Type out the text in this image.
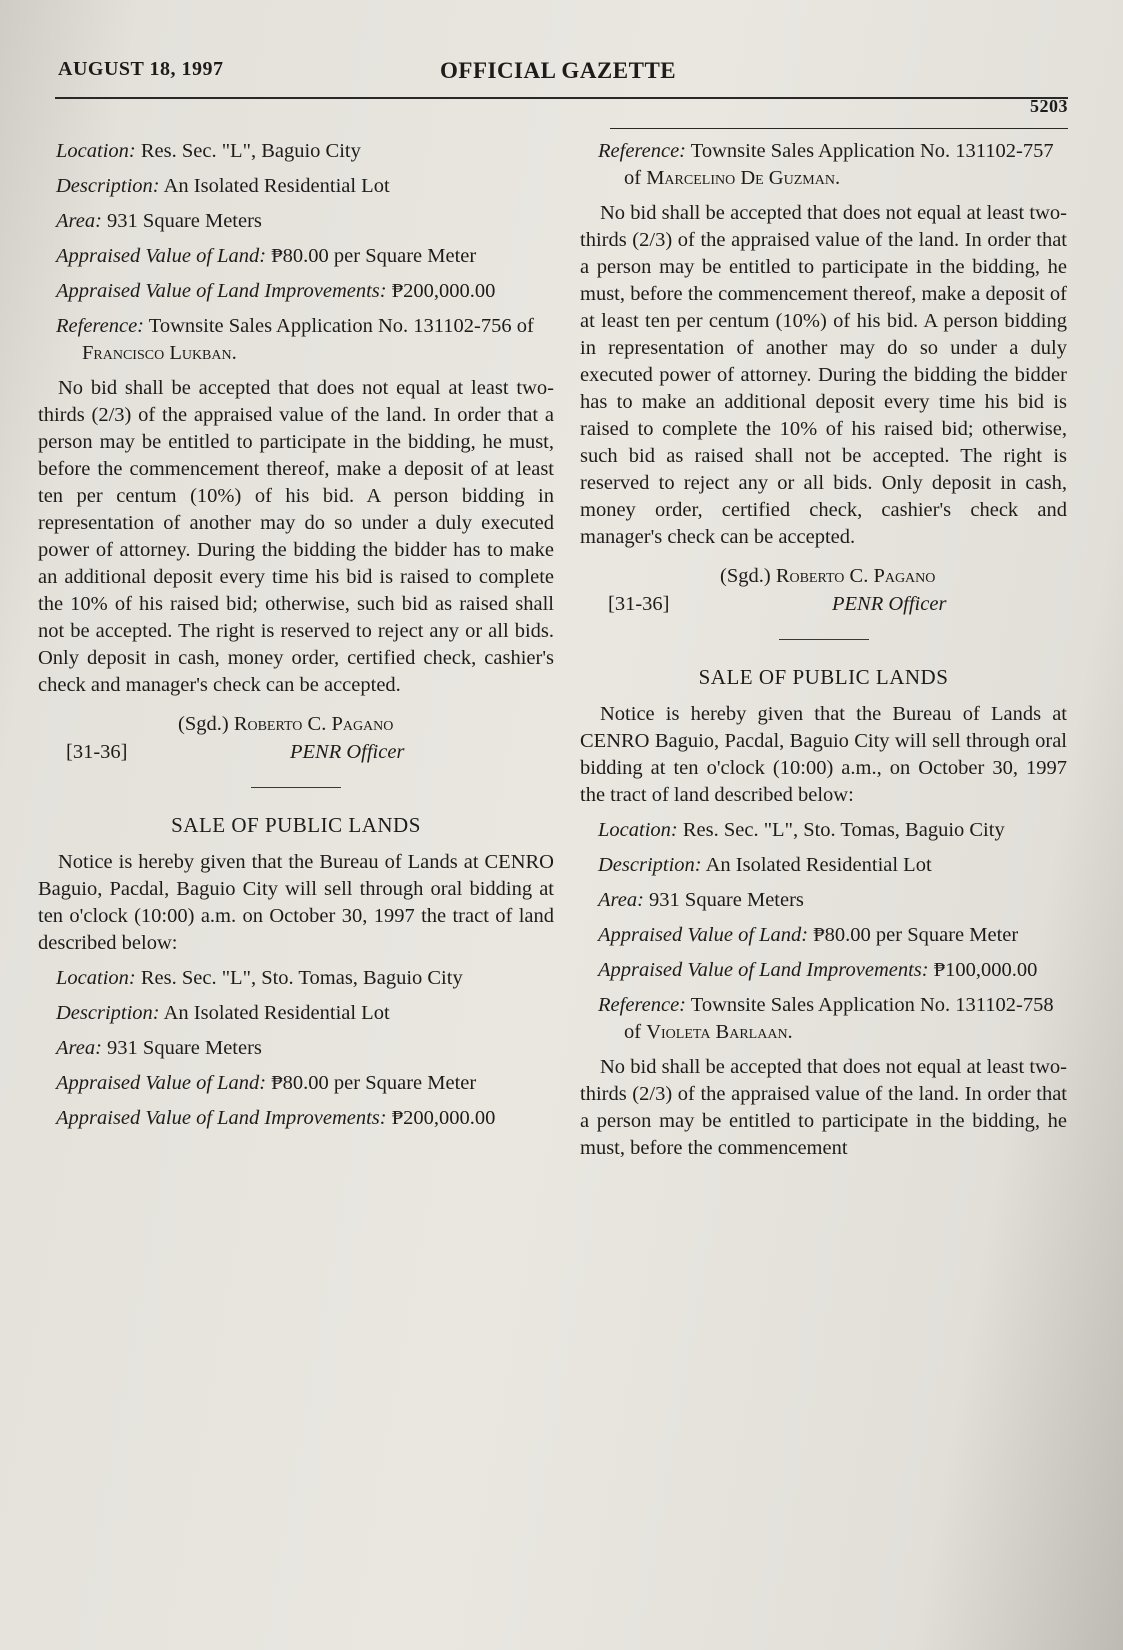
AUGUST 18, 1997	OFFICIAL GAZETTE
5203

Location: Res. Sec. "L", Baguio City

Description: An Isolated Residential Lot

Area: 931 Square Meters

Appraised Value of Land: ₱80.00 per Square Meter

Appraised Value of Land Improvements: ₱200,000.00

Reference: Townsite Sales Application No. 131102-756 of Francisco Lukban.

No bid shall be accepted that does not equal at least two-thirds (2/3) of the appraised value of the land. In order that a person may be entitled to participate in the bidding, he must, before the commencement thereof, make a deposit of at least ten per centum (10%) of his bid. A person bidding in representation of another may do so under a duly executed power of attorney. During the bidding the bidder has to make an additional deposit every time his bid is raised to complete the 10% of his raised bid; otherwise, such bid as raised shall not be accepted. The right is reserved to reject any or all bids. Only deposit in cash, money order, certified check, cashier's check and manager's check can be accepted.

(Sgd.) Roberto C. Pagano
[31-36]	PENR Officer
SALE OF PUBLIC LANDS

Notice is hereby given that the Bureau of Lands at CENRO Baguio, Pacdal, Baguio City will sell through oral bidding at ten o'clock (10:00) a.m. on October 30, 1997 the tract of land described below:

Location: Res. Sec. "L", Sto. Tomas, Baguio City

Description: An Isolated Residential Lot

Area: 931 Square Meters

Appraised Value of Land: ₱80.00 per Square Meter

Appraised Value of Land Improvements: ₱200,000.00

Reference: Townsite Sales Application No. 131102-757 of Marcelino De Guzman.

No bid shall be accepted that does not equal at least two-thirds (2/3) of the appraised value of the land. In order that a person may be entitled to participate in the bidding, he must, before the commencement thereof, make a deposit of at least ten per centum (10%) of his bid. A person bidding in representation of another may do so under a duly executed power of attorney. During the bidding the bidder has to make an additional deposit every time his bid is raised to complete the 10% of his raised bid; otherwise, such bid as raised shall not be accepted. The right is reserved to reject any or all bids. Only deposit in cash, money order, certified check, cashier's check and manager's check can be accepted.

(Sgd.) Roberto C. Pagano
[31-36]	PENR Officer
SALE OF PUBLIC LANDS

Notice is hereby given that the Bureau of Lands at CENRO Baguio, Pacdal, Baguio City will sell through oral bidding at ten o'clock (10:00) a.m., on October 30, 1997 the tract of land described below:

Location: Res. Sec. "L", Sto. Tomas, Baguio City

Description: An Isolated Residential Lot

Area: 931 Square Meters

Appraised Value of Land: ₱80.00 per Square Meter

Appraised Value of Land Improvements: ₱100,000.00

Reference: Townsite Sales Application No. 131102-758 of Violeta Barlaan.

No bid shall be accepted that does not equal at least two-thirds (2/3) of the appraised value of the land. In order that a person may be entitled to participate in the bidding, he must, before the commencement
